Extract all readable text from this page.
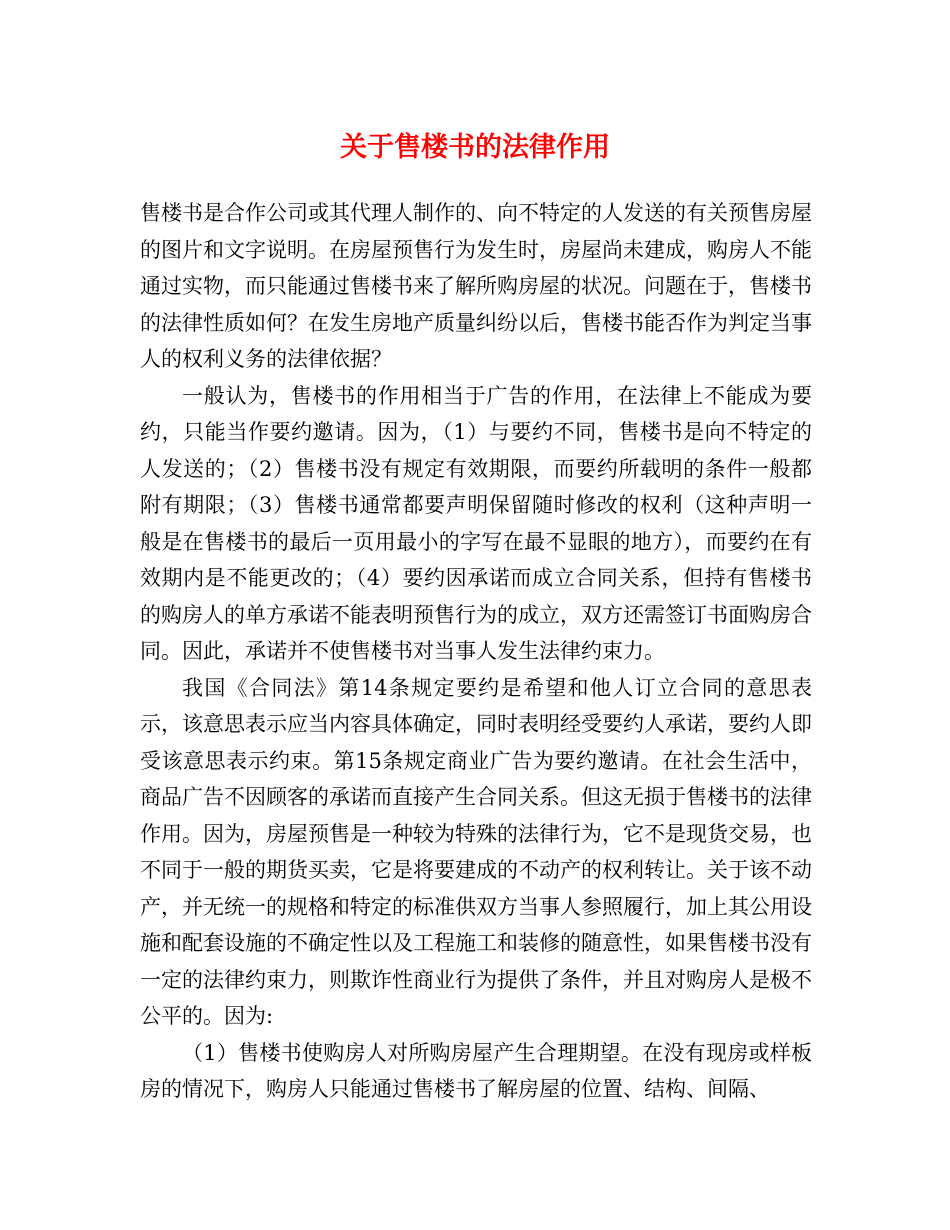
关于售楼书的法律作用

售楼书是合作公司或其代理人制作的、向不特定的人发送的有关预售房屋的图片和文字说明。在房屋预售行为发生时，房屋尚未建成，购房人不能通过实物，而只能通过售楼书来了解所购房屋的状况。问题在于，售楼书的法律性质如何？在发生房地产质量纠纷以后，售楼书能否作为判定当事人的权利义务的法律依据？

一般认为，售楼书的作用相当于广告的作用，在法律上不能成为要约，只能当作要约邀请。因为，（1）与要约不同，售楼书是向不特定的人发送的；（2）售楼书没有规定有效期限，而要约所载明的条件一般都附有期限；（3）售楼书通常都要声明保留随时修改的权利（这种声明一般是在售楼书的最后一页用最小的字写在最不显眼的地方），而要约在有效期内是不能更改的；（4）要约因承诺而成立合同关系，但持有售楼书的购房人的单方承诺不能表明预售行为的成立，双方还需签订书面购房合同。因此，承诺并不使售楼书对当事人发生法律约束力。

我国《合同法》第14条规定要约是希望和他人订立合同的意思表示，该意思表示应当内容具体确定，同时表明经受要约人承诺，要约人即受该意思表示约束。第15条规定商业广告为要约邀请。在社会生活中，商品广告不因顾客的承诺而直接产生合同关系。但这无损于售楼书的法律作用。因为，房屋预售是一种较为特殊的法律行为，它不是现货交易，也不同于一般的期货买卖，它是将要建成的不动产的权利转让。关于该不动产，并无统一的规格和特定的标准供双方当事人参照履行，加上其公用设施和配套设施的不确定性以及工程施工和装修的随意性，如果售楼书没有一定的法律约束力，则欺诈性商业行为提供了条件，并且对购房人是极不公平的。因为:

（1）售楼书使购房人对所购房屋产生合理期望。在没有现房或样板房的情况下，购房人只能通过售楼书了解房屋的位置、结构、间隔、
